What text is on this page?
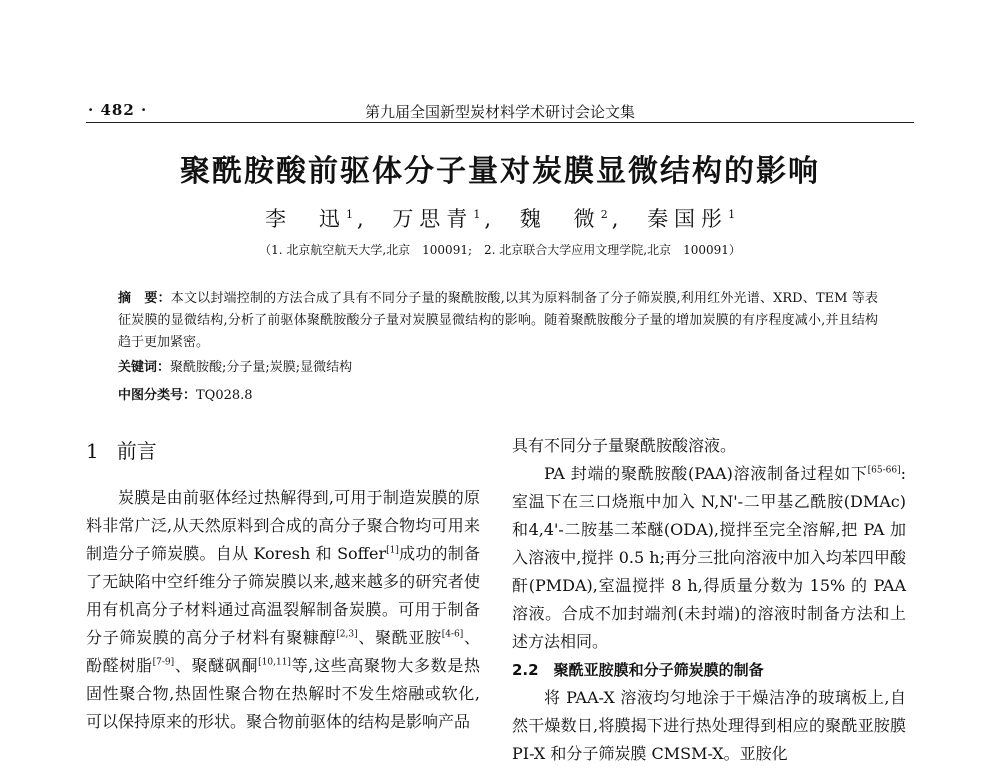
· 482 ·	第九届全国新型炭材料学术研讨会论文集
聚酰胺酸前驱体分子量对炭膜显微结构的影响
李　迅$^1$ , 万思青$^1$ , 魏　微$^2$ , 秦国彤$^1$
（1. 北京航空航天大学,北京　100091;　2. 北京联合大学应用文理学院,北京　100091）
摘　要：本文以封端控制的方法合成了具有不同分子量的聚酰胺酸,以其为原料制备了分子筛炭膜,利用红外光谱、XRD、TEM 等表征炭膜的显微结构,分析了前驱体聚酰胺酸分子量对炭膜显微结构的影响。随着聚酰胺酸分子量的增加炭膜的有序程度减小,并且结构趋于更加紧密。
关键词：聚酰胺酸;分子量;炭膜;显微结构
中图分类号：TQ028.8
1 前言

炭膜是由前驱体经过热解得到,可用于制造炭膜的原料非常广泛,从天然原料到合成的高分子聚合物均可用来制造分子筛炭膜。自从 Koresh 和 Soffer[1]成功的制备了无缺陷中空纤维分子筛炭膜以来,越来越多的研究者使用有机高分子材料通过高温裂解制备炭膜。可用于制备分子筛炭膜的高分子材料有聚糠醇[2,3]、聚酰亚胺[4-6]、酚醛树脂[7-9]、聚醚砜酮[10,11]等,这些高聚物大多数是热固性聚合物,热固性聚合物在热解时不发生熔融或软化,可以保持原来的形状。聚合物前驱体的结构是影响产品

具有不同分子量聚酰胺酸溶液。

PA 封端的聚酰胺酸(PAA)溶液制备过程如下[65-66]:室温下在三口烧瓶中加入 N,N'-二甲基乙酰胺(DMAc)和4,4'-二胺基二苯醚(ODA),搅拌至完全溶解,把 PA 加入溶液中,搅拌 0.5 h;再分三批向溶液中加入均苯四甲酸酐(PMDA),室温搅拌 8 h,得质量分数为 15% 的 PAA 溶液。合成不加封端剂(未封端)的溶液时制备方法和上述方法相同。

2.2　聚酰亚胺膜和分子筛炭膜的制备

将 PAA-X 溶液均匀地涂于干燥洁净的玻璃板上,自然干燥数日,将膜揭下进行热处理得到相应的聚酰亚胺膜 PI-X 和分子筛炭膜 CMSM-X。亚胺化
